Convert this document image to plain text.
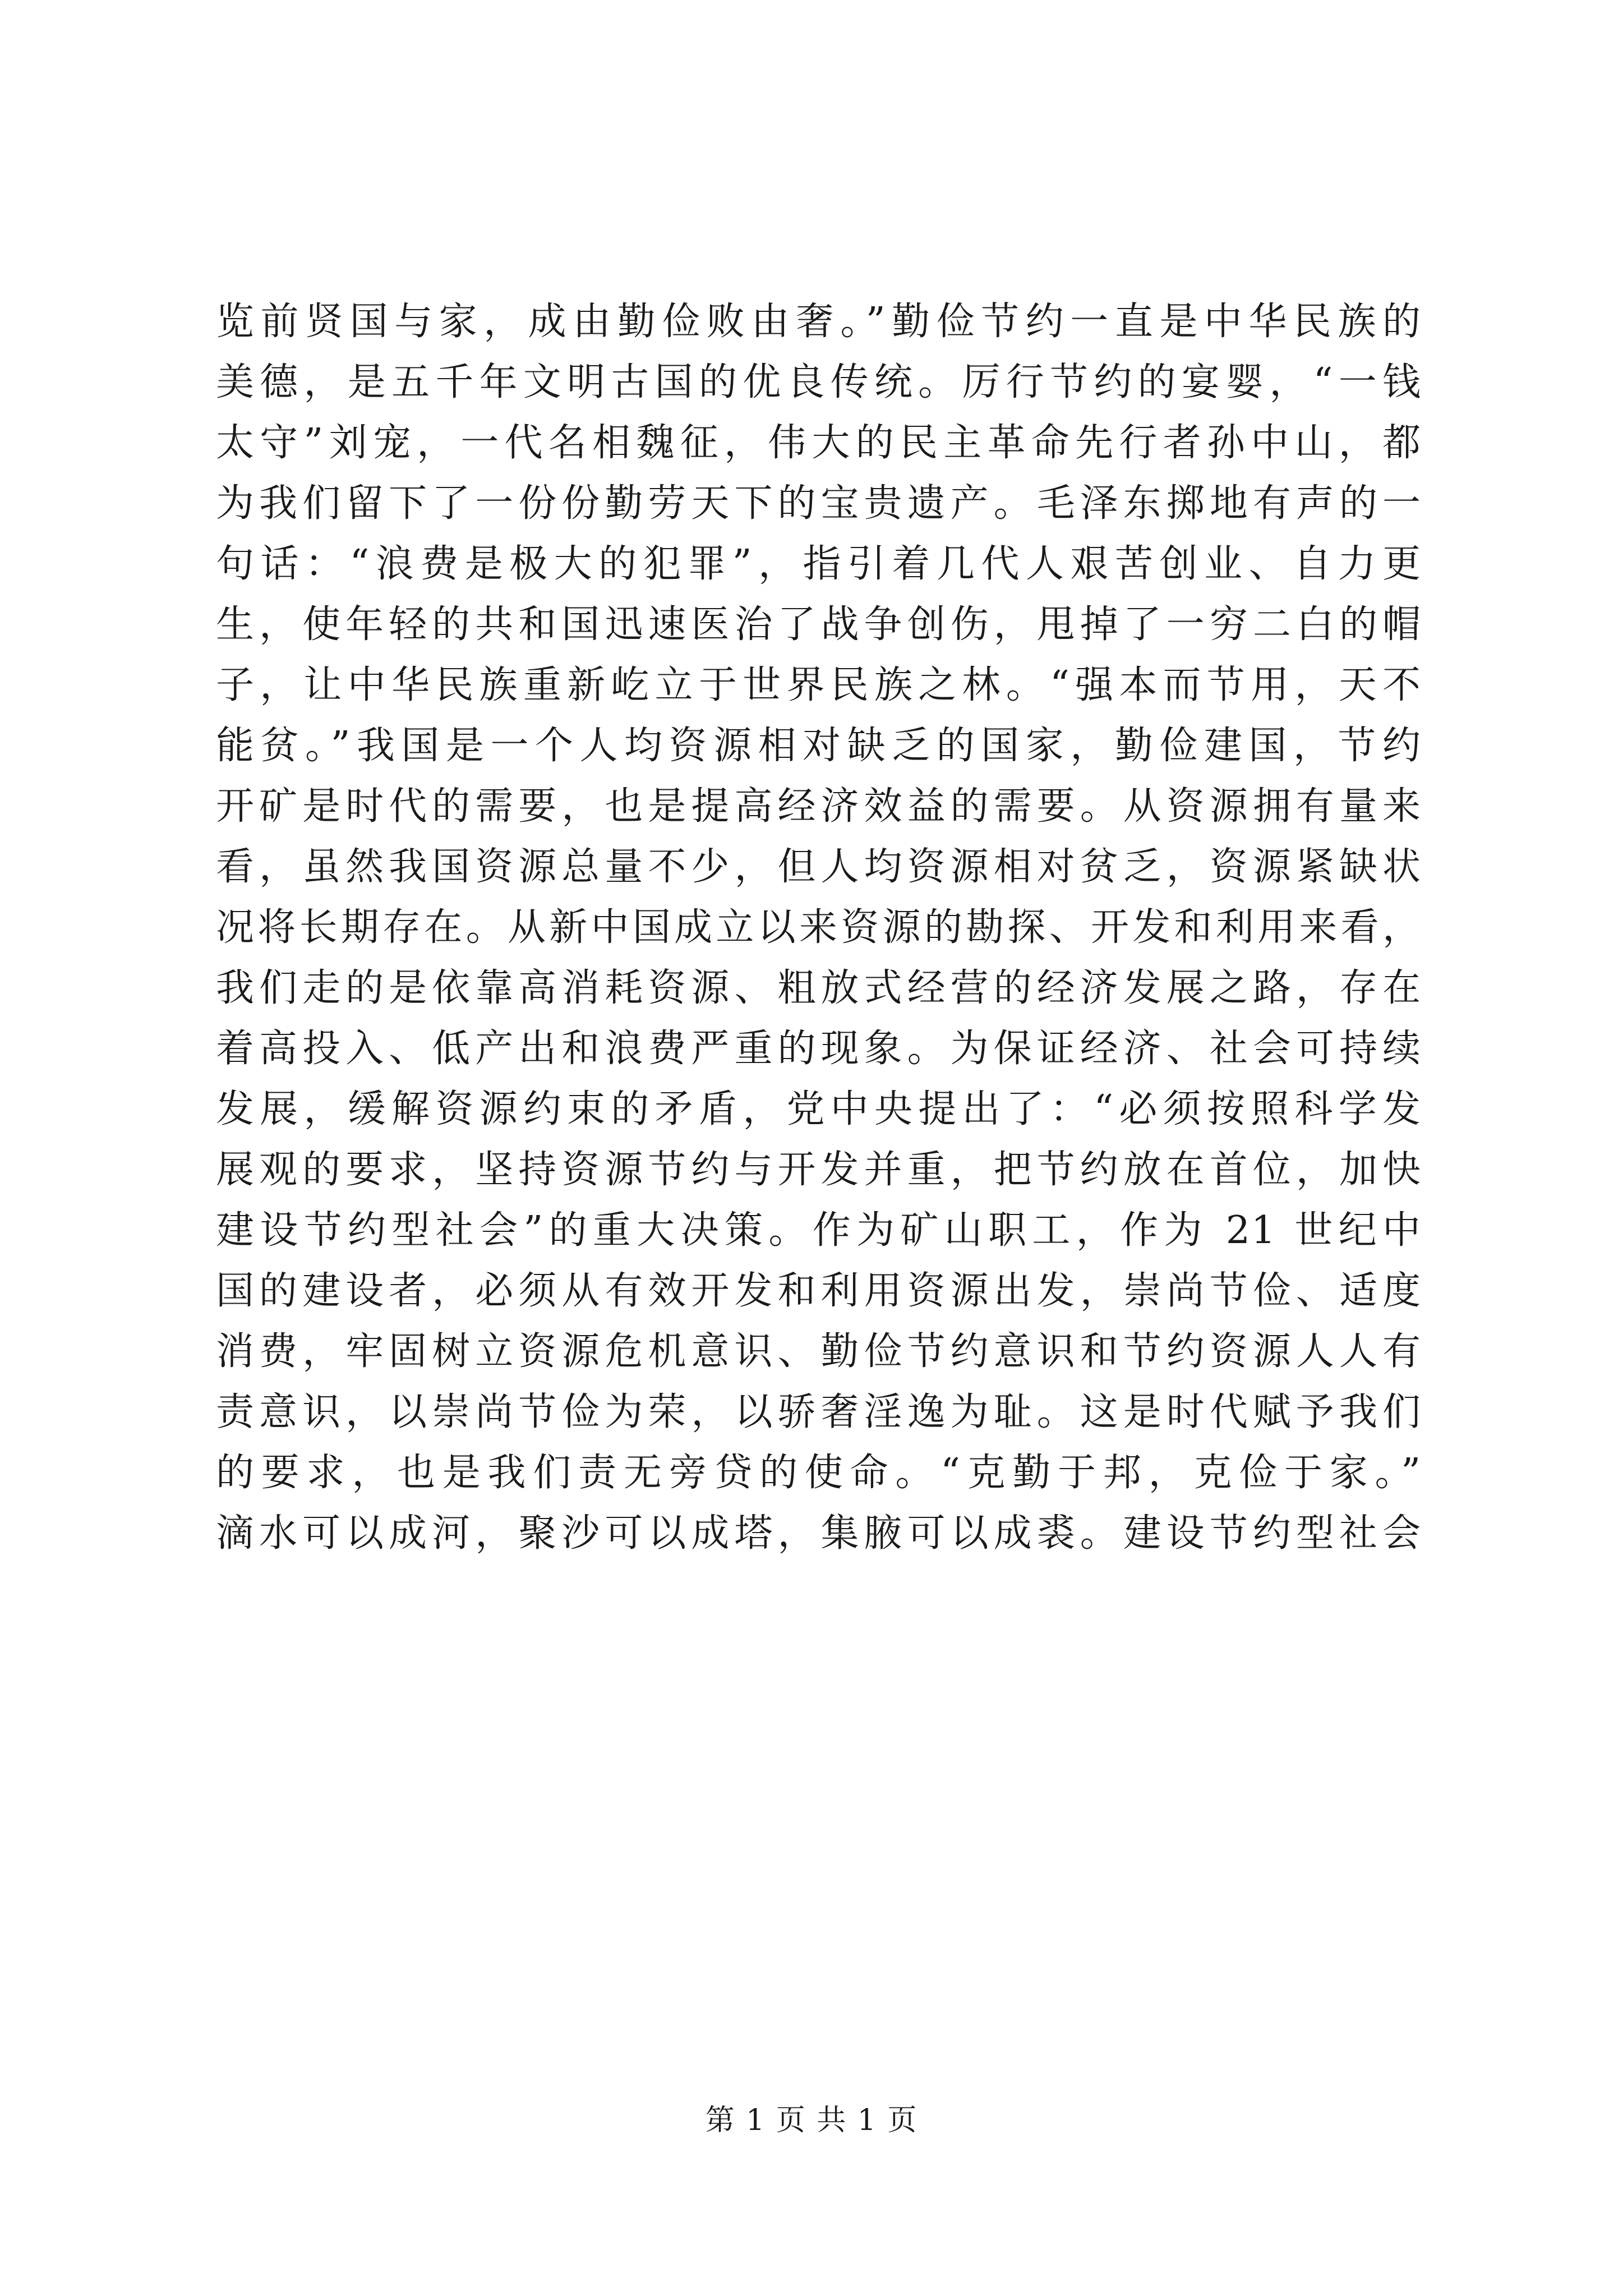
览前贤国与家，成由勤俭败由奢。”勤俭节约一直是中华民族的
美德，是五千年文明古国的优良传统。厉行节约的宴婴，“一钱
太守”刘宠，一代名相魏征，伟大的民主革命先行者孙中山，都
为我们留下了一份份勤劳天下的宝贵遗产。毛泽东掷地有声的一
句话：“浪费是极大的犯罪”，指引着几代人艰苦创业、自力更
生，使年轻的共和国迅速医治了战争创伤，甩掉了一穷二白的帽
子，让中华民族重新屹立于世界民族之林。“强本而节用，天不
能贫。”我国是一个人均资源相对缺乏的国家，勤俭建国，节约
开矿是时代的需要，也是提高经济效益的需要。从资源拥有量来
看，虽然我国资源总量不少，但人均资源相对贫乏，资源紧缺状
况将长期存在。从新中国成立以来资源的勘探、开发和利用来看，
我们走的是依靠高消耗资源、粗放式经营的经济发展之路，存在
着高投入、低产出和浪费严重的现象。为保证经济、社会可持续
发展，缓解资源约束的矛盾，党中央提出了：“必须按照科学发
展观的要求，坚持资源节约与开发并重，把节约放在首位，加快
建设节约型社会”的重大决策。作为矿山职工，作为 21 世纪中
国的建设者，必须从有效开发和利用资源出发，崇尚节俭、适度
消费，牢固树立资源危机意识、勤俭节约意识和节约资源人人有
责意识，以崇尚节俭为荣，以骄奢淫逸为耻。这是时代赋予我们
的要求，也是我们责无旁贷的使命。“克勤于邦，克俭于家。”
滴水可以成河，聚沙可以成塔，集腋可以成裘。建设节约型社会
第 1 页 共 1 页
